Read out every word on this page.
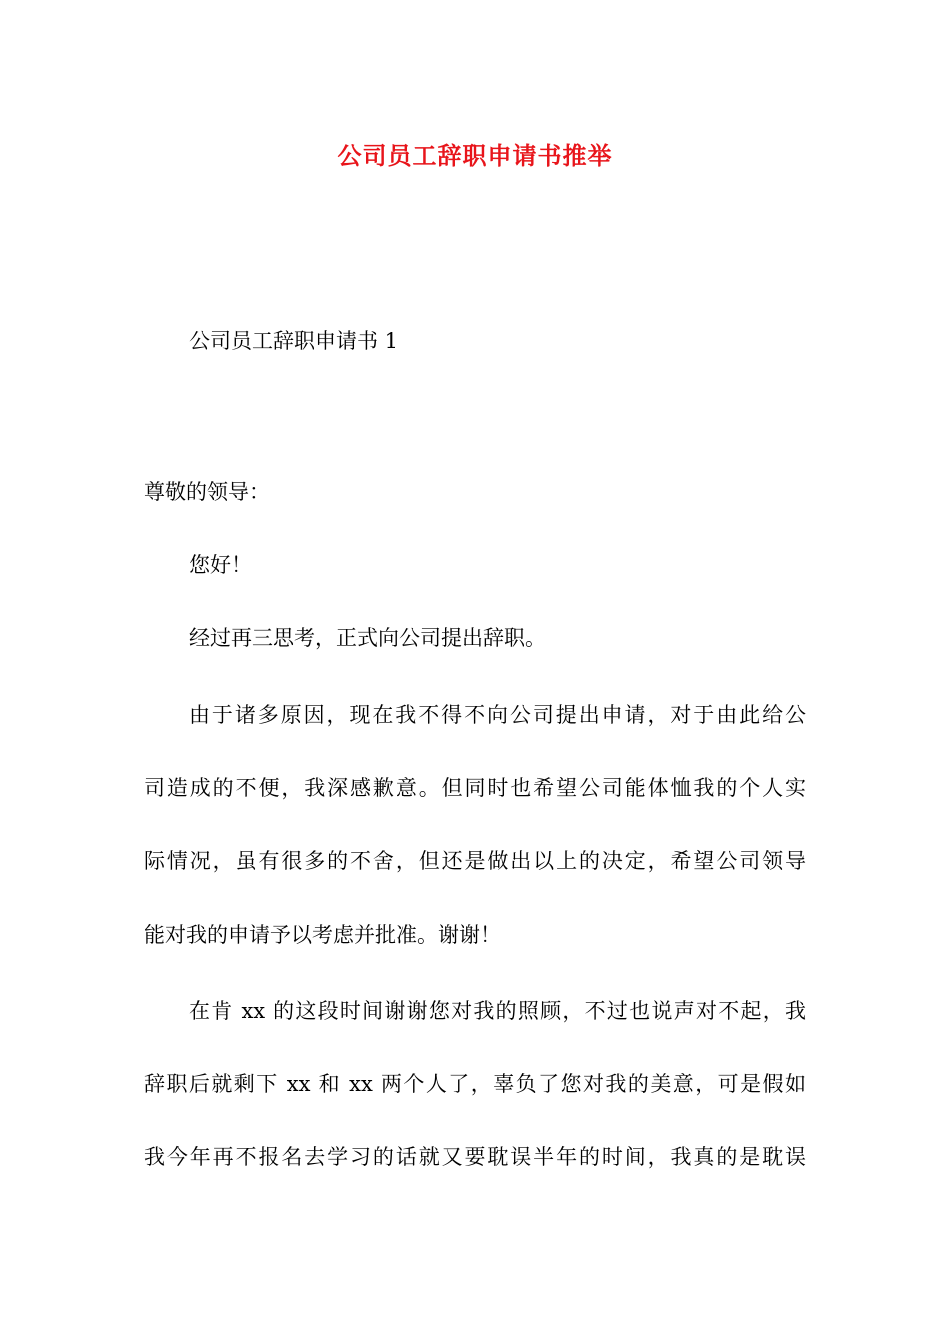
公司员工辞职申请书推举
公司员工辞职申请书 1
尊敬的领导：
您好！
经过再三思考，正式向公司提出辞职。
由于诸多原因，现在我不得不向公司提出申请，对于由此给公
司造成的不便，我深感歉意。但同时也希望公司能体恤我的个人实
际情况，虽有很多的不舍，但还是做出以上的决定，希望公司领导
能对我的申请予以考虑并批准。谢谢！
在肯 xx 的这段时间谢谢您对我的照顾，不过也说声对不起，我
辞职后就剩下 xx 和 xx 两个人了，辜负了您对我的美意，可是假如
我今年再不报名去学习的话就又要耽误半年的时间，我真的是耽误
